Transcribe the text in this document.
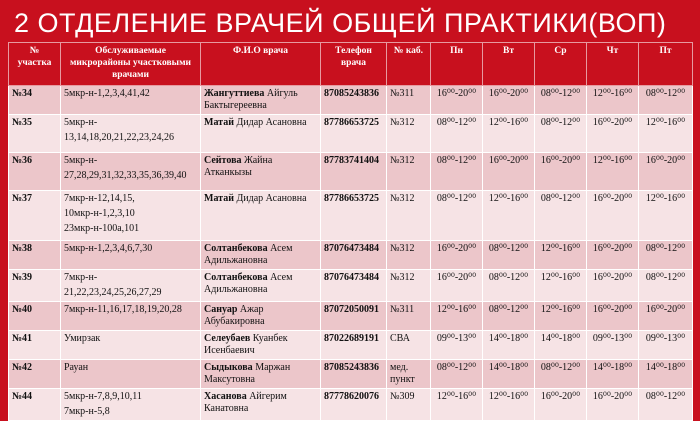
2 ОТДЕЛЕНИЕ ВРАЧЕЙ ОБЩЕЙ ПРАКТИКИ(ВОП)
№ участка	Обслуживаемые микрорайоны участковыми врачами	Ф.И.О врача	Телефон врача	№ каб.	Пн	Вт	Ср	Чт	Пт
№34	5мкр-н-1,2,3,4,41,42	Жангуттиева Айгуль Бактыгереевна	87085243836	№311	16⁰⁰-20⁰⁰	16⁰⁰-20⁰⁰	08⁰⁰-12⁰⁰	12⁰⁰-16⁰⁰	08⁰⁰-12⁰⁰
№35	5мкр-н-
13,14,18,20,21,22,23,24,26	Матай Дидар Асановна	87786653725	№312	08⁰⁰-12⁰⁰	12⁰⁰-16⁰⁰	08⁰⁰-12⁰⁰	16⁰⁰-20⁰⁰	12⁰⁰-16⁰⁰
№36	5мкр-н-
27,28,29,31,32,33,35,36,39,40	Сейтова Жайна Атканкызы	87783741404	№312	08⁰⁰-12⁰⁰	16⁰⁰-20⁰⁰	16⁰⁰-20⁰⁰	12⁰⁰-16⁰⁰	16⁰⁰-20⁰⁰
№37	7мкр-н-12,14,15,
10мкр-н-1,2,3,10
23мкр-н-100а,101	Матай Дидар Асановна	87786653725	№312	08⁰⁰-12⁰⁰	12⁰⁰-16⁰⁰	08⁰⁰-12⁰⁰	16⁰⁰-20⁰⁰	12⁰⁰-16⁰⁰
№38	5мкр-н-1,2,3,4,6,7,30	Солтанбекова Асем Адильжановна	87076473484	№312	16⁰⁰-20⁰⁰	08⁰⁰-12⁰⁰	12⁰⁰-16⁰⁰	16⁰⁰-20⁰⁰	08⁰⁰-12⁰⁰
№39	7мкр-н-
21,22,23,24,25,26,27,29	Солтанбекова Асем Адильжановна	87076473484	№312	16⁰⁰-20⁰⁰	08⁰⁰-12⁰⁰	12⁰⁰-16⁰⁰	16⁰⁰-20⁰⁰	08⁰⁰-12⁰⁰
№40	7мкр-н-11,16,17,18,19,20,28	Сануар Ажар Абубакировна	87072050091	№311	12⁰⁰-16⁰⁰	08⁰⁰-12⁰⁰	12⁰⁰-16⁰⁰	16⁰⁰-20⁰⁰	16⁰⁰-20⁰⁰
№41	Умирзак	Селеубаев Куанбек Исенбаевич	87022689191	СВА	09⁰⁰-13⁰⁰	14⁰⁰-18⁰⁰	14⁰⁰-18⁰⁰	09⁰⁰-13⁰⁰	09⁰⁰-13⁰⁰
№42	Рауан	Сыдыкова Маржан Максутовна	87085243836	мед. пункт	08⁰⁰-12⁰⁰	14⁰⁰-18⁰⁰	08⁰⁰-12⁰⁰	14⁰⁰-18⁰⁰	14⁰⁰-18⁰⁰
№44	5мкр-н-7,8,9,10,11
7мкр-н-5,8	Хасанова Айгерим Канатовна	87778620076	№309	12⁰⁰-16⁰⁰	12⁰⁰-16⁰⁰	16⁰⁰-20⁰⁰	16⁰⁰-20⁰⁰	08⁰⁰-12⁰⁰
